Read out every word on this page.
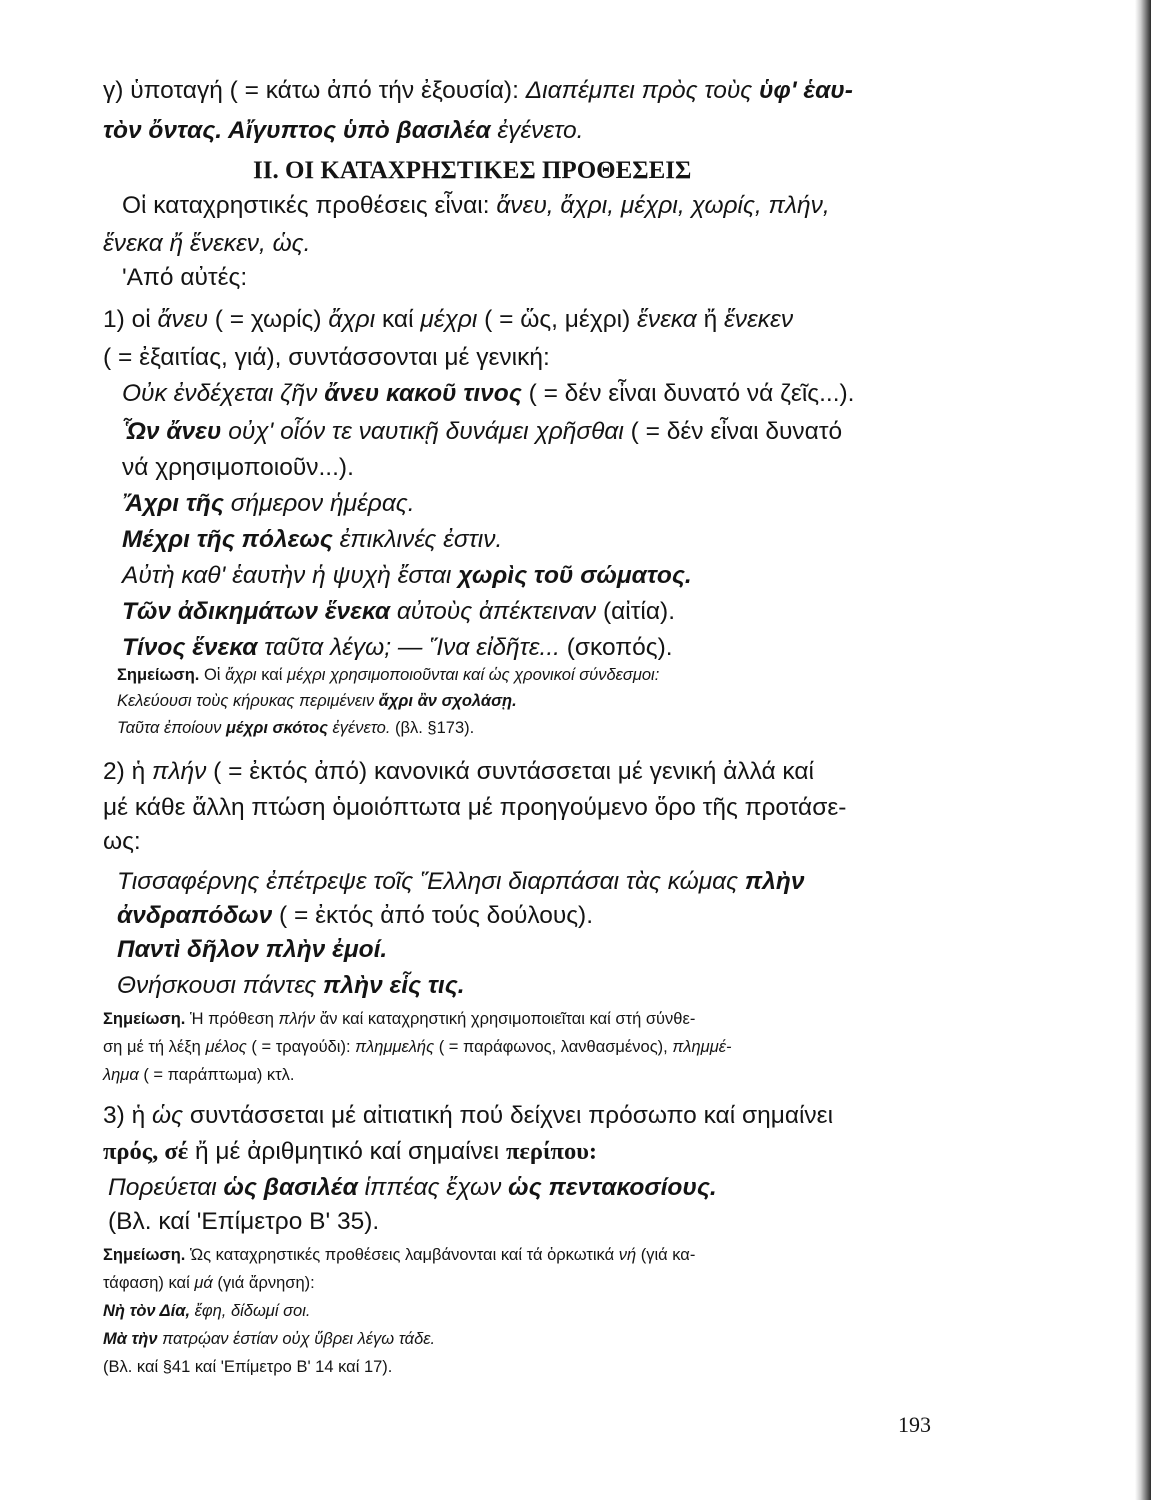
γ) ὑποταγή ( = κάτω ἀπό τήν ἐξουσία): Διαπέμπει πρὸς τοὺς ὑφ' ἑαυ-
τὸν ὄντας. Αἴγυπτος ὑπὸ βασιλέα ἐγένετο.
ΙΙ. ΟΙ ΚΑΤΑΧΡΗΣΤΙΚΕΣ ΠΡΟΘΕΣΕΙΣ
Οἱ καταχρηστικές προθέσεις εἶναι: ἄνευ, ἄχρι, μέχρι, χωρίς, πλήν,
ἕνεκα ἤ ἕνεκεν, ὡς.
'Από αὐτές:
1) οἱ ἄνευ ( = χωρίς) ἄχρι καί μέχρι ( = ὥς, μέχρι) ἕνεκα ἤ ἕνεκεν
( = ἐξαιτίας, γιά), συντάσσονται μέ γενική:
Οὐκ ἐνδέχεται ζῆν ἄνευ κακοῦ τινος ( = δέν εἶναι δυνατό νά ζεῖς...).
Ὧν ἄνευ οὐχ' οἷόν τε ναυτικῇ δυνάμει χρῆσθαι ( = δέν εἶναι δυνατό
νά χρησιμοποιοῦν...).
Ἄχρι τῆς σήμερον ἡμέρας.
Μέχρι τῆς πόλεως ἐπικλινές ἐστιν.
Αὐτὴ καθ' ἑαυτὴν ἡ ψυχὴ ἔσται χωρὶς τοῦ σώματος.
Τῶν ἀδικημάτων ἕνεκα αὐτοὺς ἀπέκτειναν (αἰτία).
Τίνος ἕνεκα ταῦτα λέγω; — Ἵνα εἰδῆτε... (σκοπός).
Σημείωση. Οἱ ἄχρι καί μέχρι χρησιμοποιοῦνται καί ὡς χρονικοί σύνδεσμοι:
Κελεύουσι τοὺς κήρυκας περιμένειν ἄχρι ἂν σχολάσῃ.
Ταῦτα ἐποίουν μέχρι σκότος ἐγένετο. (βλ. §173).
2) ἡ πλήν ( = ἐκτός ἀπό) κανονικά συντάσσεται μέ γενική ἀλλά καί
μέ κάθε ἄλλη πτώση ὁμοιόπτωτα μέ προηγούμενο ὅρο τῆς προτάσε-
ως:
Τισσαφέρνης ἐπέτρεψε τοῖς Ἕλλησι διαρπάσαι τὰς κώμας πλὴν
ἀνδραπόδων ( = ἐκτός ἀπό τούς δούλους).
Παντὶ δῆλον πλὴν ἐμοί.
Θνήσκουσι πάντες πλὴν εἷς τις.
Σημείωση. Ἡ πρόθεση πλήν ἄν καί καταχρηστική χρησιμοποιεῖται καί στή σύνθε-
ση μέ τή λέξη μέλος ( = τραγούδι): πλημμελής ( = παράφωνος, λανθασμένος), πλημμέ-
λημα ( = παράπτωμα) κτλ.
3) ἡ ὡς συντάσσεται μέ αἰτιατική πού δείχνει πρόσωπο καί σημαίνει
πρός, σέ ἤ μέ ἀριθμητικό καί σημαίνει περίπου:
Πορεύεται ὡς βασιλέα ἱππέας ἔχων ὡς πεντακοσίους.
(Βλ. καί 'Επίμετρο Β' 35).
Σημείωση. Ὡς καταχρηστικές προθέσεις λαμβάνονται καί τά ὁρκωτικά νή (γιά κα-
τάφαση) καί μά (γιά ἄρνηση):
Νὴ τὸν Δία, ἔφη, δίδωμί σοι.
Μὰ τὴν πατρῴαν ἑστίαν οὐχ ὕβρει λέγω τάδε.
(Βλ. καί §41 καί 'Επίμετρο Β' 14 καί 17).
193
